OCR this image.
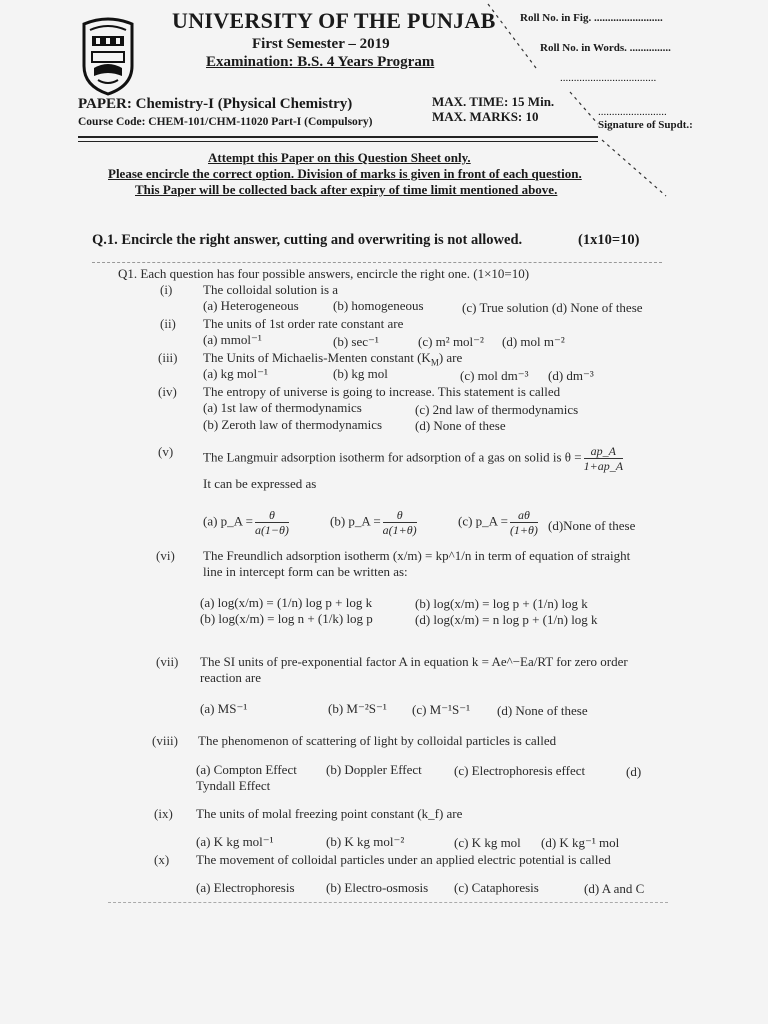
UNIVERSITY OF THE PUNJAB
First Semester – 2019
Examination: B.S. 4 Years Program
Roll No. in Fig. .........................
Roll No. in Words. ...............
...................................
.........................
Signature of Supdt.:
PAPER: Chemistry-I (Physical Chemistry)
Course Code: CHEM-101/CHM-11020 Part-I (Compulsory)
MAX. TIME: 15 Min.
MAX. MARKS: 10
Attempt this Paper on this Question Sheet only.
Please encircle the correct option. Division of marks is given in front of each question.
This Paper will be collected back after expiry of time limit mentioned above.
Q.1. Encircle the right answer, cutting and overwriting is not allowed.	(1x10=10)
Q1. Each question has four possible answers, encircle the right one. (1×10=10)
(i) The colloidal solution is a
(a) Heterogeneous	(b) homogeneous	(c) True solution (d) None of these
(ii) The units of 1st order rate constant are
(a) mmol⁻¹	(b) sec⁻¹	(c) m² mol⁻² (d) mol m⁻²
(iii) The Units of Michaelis-Menten constant $(K_M)$ are
(a) kg mol⁻¹	(b) kg mol	(c) mol dm⁻³ (d) dm⁻³
(iv) The entropy of universe is going to increase. This statement is called
(a) 1st law of thermodynamics	(c) 2nd law of thermodynamics
(b) Zeroth law of thermodynamics	(d) None of these
(v) The Langmuir adsorption isotherm for adsorption of a gas on solid is $\theta = \frac{ap\_A}{1+ap\_A}$
It can be expressed as
(a) p_A = $\frac{\theta}{a(1-\theta)}$	(b) p_A = $\frac{\theta}{a(1+\theta)}$	(c) p_A = $\frac{a\theta}{(1+\theta)}$ (d)None of these
(vi) The Freundlich adsorption isotherm (x/m) = kp^1/n in term of equation of straight
line in intercept form can be written as:
(a) log(x/m) = (1/n) log p + log k	(b) log(x/m) = log p + (1/n) log k
(b) log(x/m) = log n + (1/k) log p	(d) log(x/m) = n log p + (1/n) log k
(vii) The SI units of pre-exponential factor A in equation k = Ae^−Ea/RT for zero order
reaction are
(a) MS⁻¹	(b) M⁻²S⁻¹ (c) M⁻¹S⁻¹ (d) None of these
(viii) The phenomenon of scattering of light by colloidal particles is called
(a) Compton Effect (b) Doppler Effect (c) Electrophoresis effect	(d)
Tyndall Effect
(ix) The units of molal freezing point constant (k_f) are
(a) K kg mol⁻¹	(b) K kg mol⁻²	(c) K kg mol (d) K kg⁻¹ mol
(x) The movement of colloidal particles under an applied electric potential is called
(a) Electrophoresis (b) Electro-osmosis (c) Cataphoresis	(d) A and C
